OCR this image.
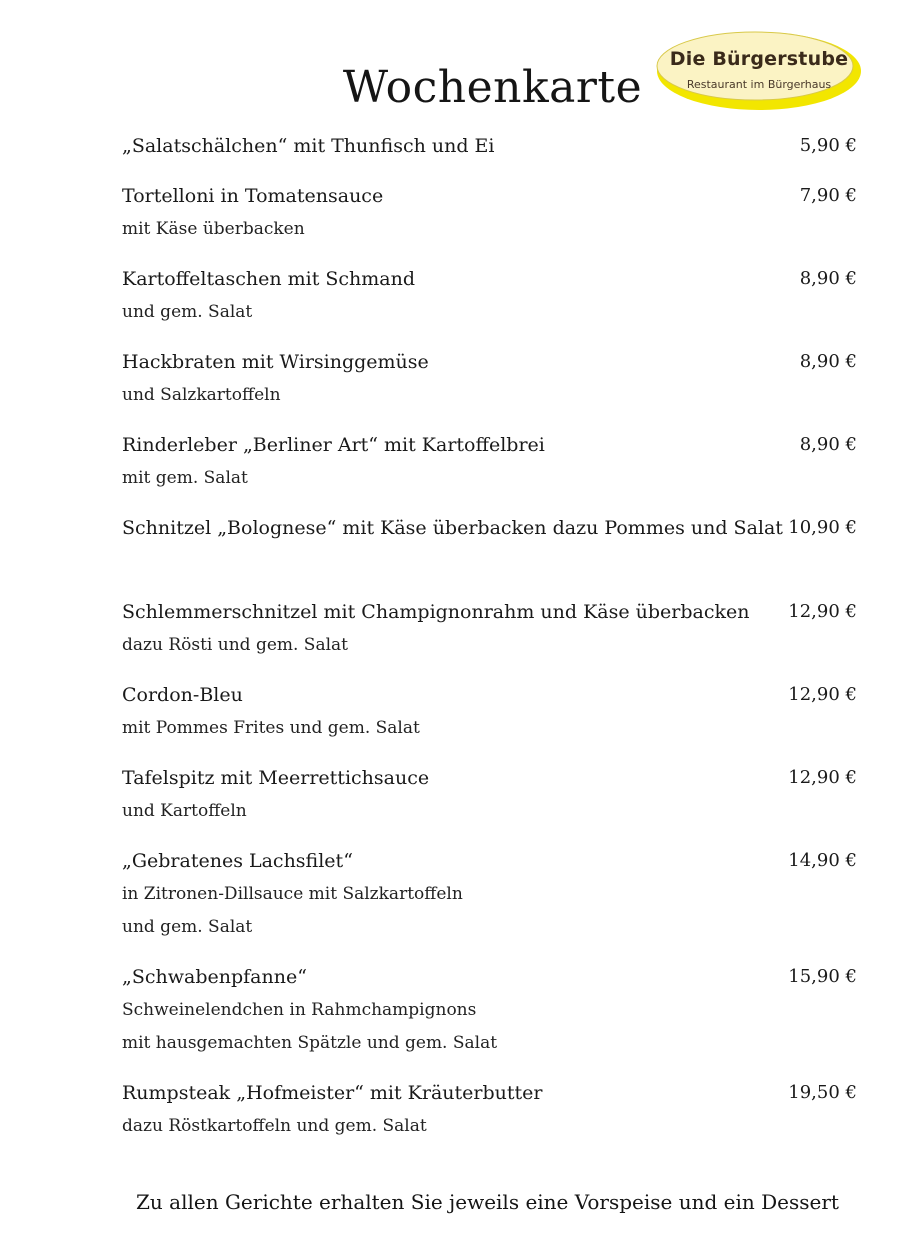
Die Bürgerstube
Restaurant im Bürgerhaus
Wochenkarte
„Salatschälchen“ mit Thunfisch und Ei	5,90 €
Tortelloni in Tomatensauce
mit Käse überbacken
7,90 €
Kartoffeltaschen mit Schmand
und gem. Salat
8,90 €
Hackbraten mit Wirsinggemüse
und Salzkartoffeln
8,90 €
Rinderleber „Berliner Art“ mit Kartoffelbrei
mit gem. Salat
8,90 €
Schnitzel „Bolognese“ mit Käse überbacken dazu Pommes und Salat 10,90 €
Schlemmerschnitzel mit Champignonrahm und Käse überbacken
dazu Rösti und gem. Salat
12,90 €
Cordon-Bleu
mit Pommes Frites und gem. Salat
12,90 €
Tafelspitz mit Meerrettichsauce
und Kartoffeln
12,90 €
„Gebratenes Lachsfilet“
in Zitronen-Dillsauce mit Salzkartoffeln
und gem. Salat
14,90 €
„Schwabenpfanne“
Schweinelendchen in Rahmchampignons
mit hausgemachten Spätzle und gem. Salat
15,90 €
Rumpsteak „Hofmeister“ mit Kräuterbutter
dazu Röstkartoffeln und gem. Salat
19,50 €
Zu allen Gerichte erhalten Sie jeweils eine Vorspeise und ein Dessert
